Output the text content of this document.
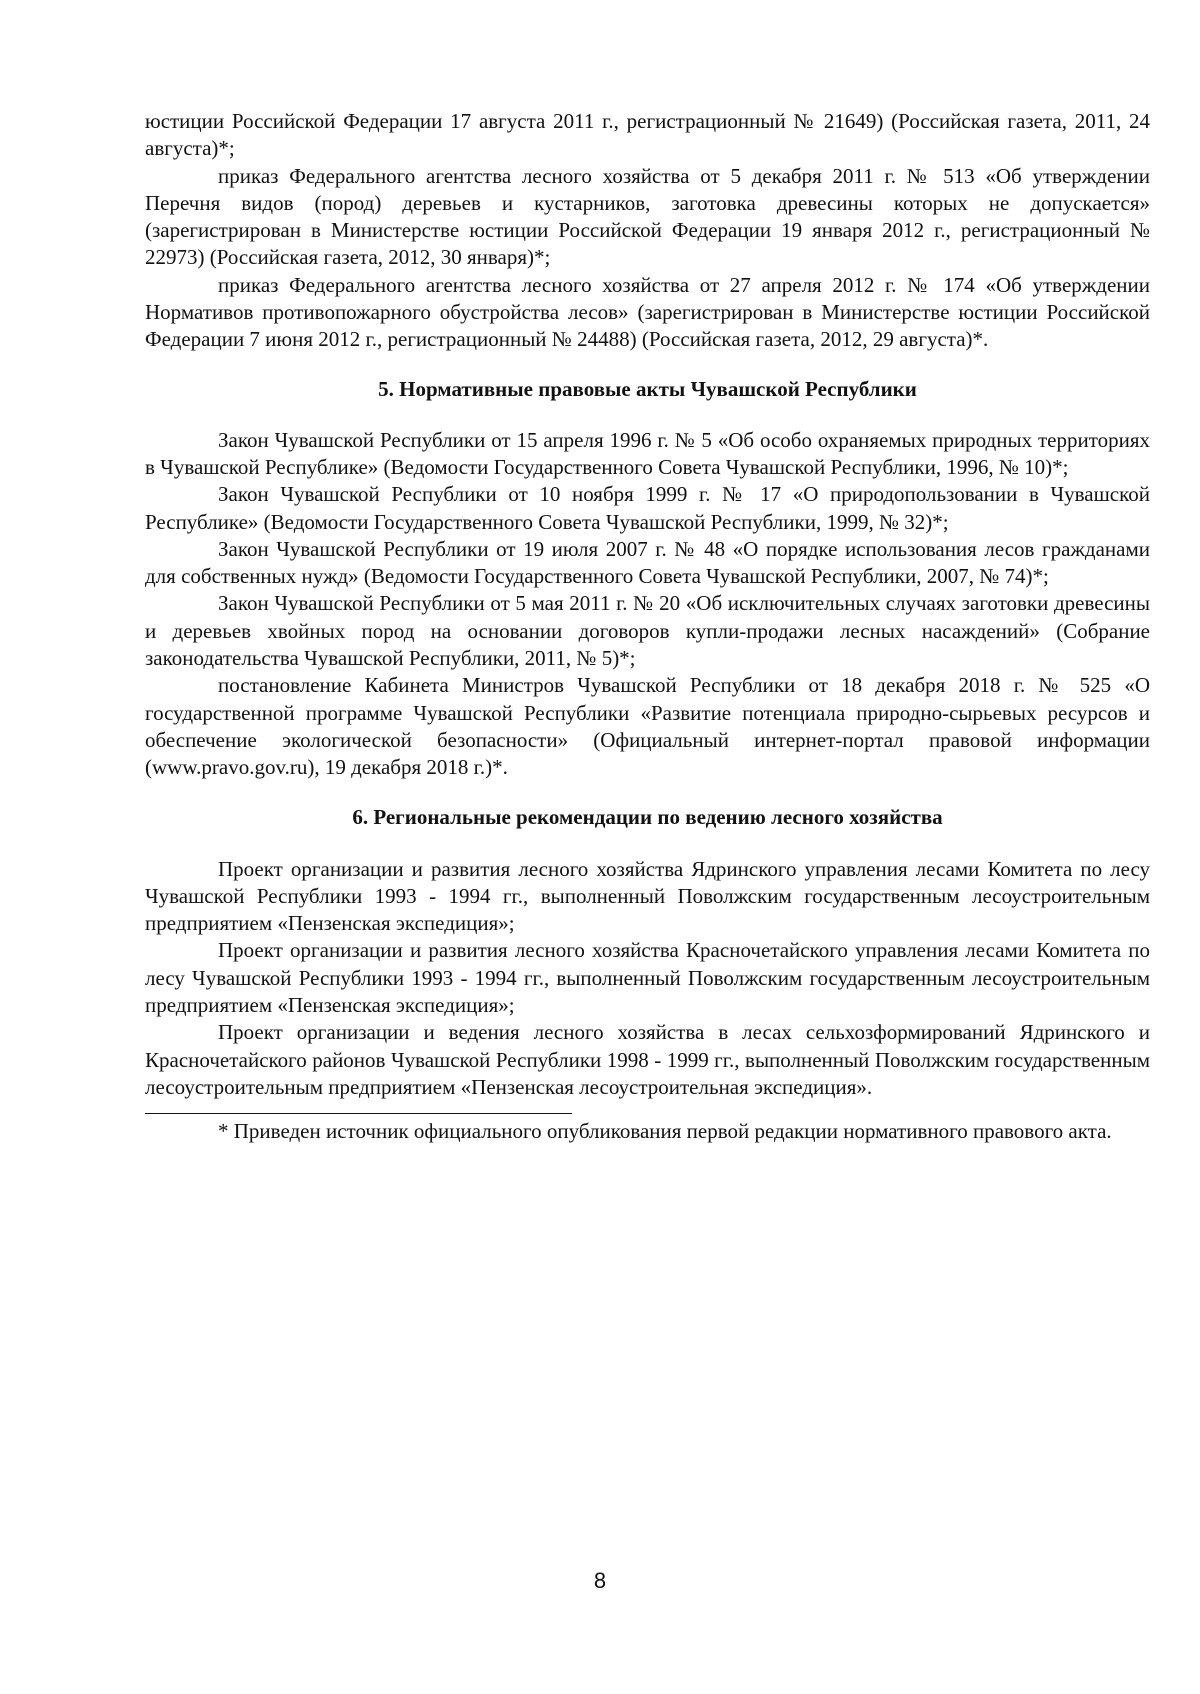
юстиции Российской Федерации 17 августа 2011 г., регистрационный № 21649) (Российская газета, 2011, 24 августа)*;

приказ Федерального агентства лесного хозяйства от 5 декабря 2011 г. № 513 «Об утверждении Перечня видов (пород) деревьев и кустарников, заготовка древесины которых не допускается» (зарегистрирован в Министерстве юстиции Российской Федерации 19 января 2012 г., регистрационный № 22973) (Российская газета, 2012, 30 января)*;

приказ Федерального агентства лесного хозяйства от 27 апреля 2012 г. № 174 «Об утверждении Нормативов противопожарного обустройства лесов» (зарегистрирован в Министерстве юстиции Российской Федерации 7 июня 2012 г., регистрационный № 24488) (Российская газета, 2012, 29 августа)*.

5. Нормативные правовые акты Чувашской Республики

Закон Чувашской Республики от 15 апреля 1996 г. № 5 «Об особо охраняемых природных территориях в Чувашской Республике» (Ведомости Государственного Совета Чувашской Республики, 1996, № 10)*;

Закон Чувашской Республики от 10 ноября 1999 г. № 17 «О природопользовании в Чувашской Республике» (Ведомости Государственного Совета Чувашской Республики, 1999, № 32)*;

Закон Чувашской Республики от 19 июля 2007 г. № 48 «О порядке использования лесов гражданами для собственных нужд» (Ведомости Государственного Совета Чувашской Республики, 2007, № 74)*;

Закон Чувашской Республики от 5 мая 2011 г. № 20 «Об исключительных случаях заготовки древесины и деревьев хвойных пород на основании договоров купли-продажи лесных насаждений» (Собрание законодательства Чувашской Республики, 2011, № 5)*;

постановление Кабинета Министров Чувашской Республики от 18 декабря 2018 г. № 525 «О государственной программе Чувашской Республики «Развитие потенциала природно-сырьевых ресурсов и обеспечение экологической безопасности» (Официальный интернет-портал правовой информации (www.pravo.gov.ru), 19 декабря 2018 г.)*.

6. Региональные рекомендации по ведению лесного хозяйства

Проект организации и развития лесного хозяйства Ядринского управления лесами Комитета по лесу Чувашской Республики 1993 - 1994 гг., выполненный Поволжским государственным лесоустроительным предприятием «Пензенская экспедиция»;

Проект организации и развития лесного хозяйства Красночетайского управления лесами Комитета по лесу Чувашской Республики 1993 - 1994 гг., выполненный Поволжским государственным лесоустроительным предприятием «Пензенская экспедиция»;

Проект организации и ведения лесного хозяйства в лесах сельхозформирований Ядринского и Красночетайского районов Чувашской Республики 1998 - 1999 гг., выполненный Поволжским государственным лесоустроительным предприятием «Пензенская лесоустроительная экспедиция».

* Приведен источник официального опубликования первой редакции нормативного правового акта.

8
